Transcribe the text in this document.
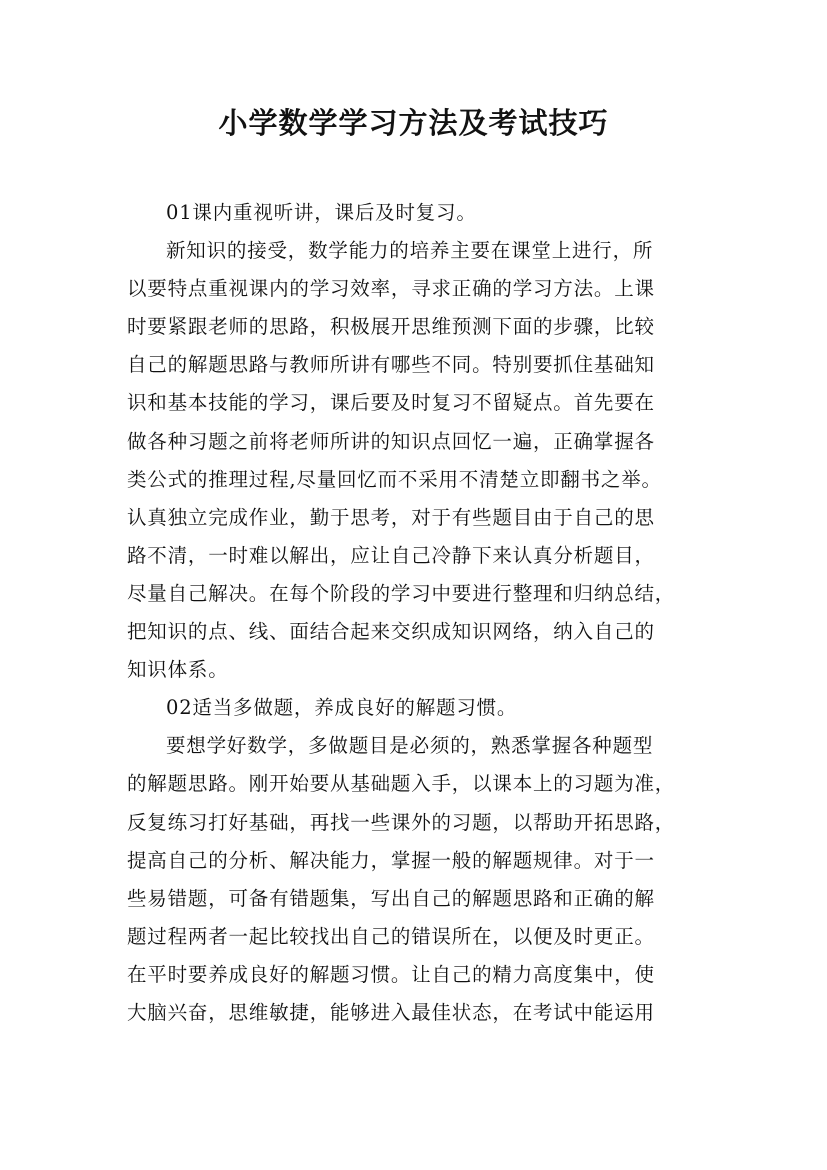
小学数学学习方法及考试技巧

01课内重视听讲，课后及时复习。

新知识的接受，数学能力的培养主要在课堂上进行，所
以要特点重视课内的学习效率，寻求正确的学习方法。上课
时要紧跟老师的思路，积极展开思维预测下面的步骤，比较
自己的解题思路与教师所讲有哪些不同。特别要抓住基础知
识和基本技能的学习，课后要及时复习不留疑点。首先要在
做各种习题之前将老师所讲的知识点回忆一遍，正确掌握各
类公式的推理过程,尽量回忆而不采用不清楚立即翻书之举。
认真独立完成作业，勤于思考，对于有些题目由于自己的思
路不清，一时难以解出，应让自己冷静下来认真分析题目，
尽量自己解决。在每个阶段的学习中要进行整理和归纳总结，
把知识的点、线、面结合起来交织成知识网络，纳入自己的
知识体系。

02适当多做题，养成良好的解题习惯。

要想学好数学，多做题目是必须的，熟悉掌握各种题型
的解题思路。刚开始要从基础题入手，以课本上的习题为准，
反复练习打好基础，再找一些课外的习题，以帮助开拓思路，
提高自己的分析、解决能力，掌握一般的解题规律。对于一
些易错题，可备有错题集，写出自己的解题思路和正确的解
题过程两者一起比较找出自己的错误所在，以便及时更正。
在平时要养成良好的解题习惯。让自己的精力高度集中，使
大脑兴奋，思维敏捷，能够进入最佳状态，在考试中能运用
